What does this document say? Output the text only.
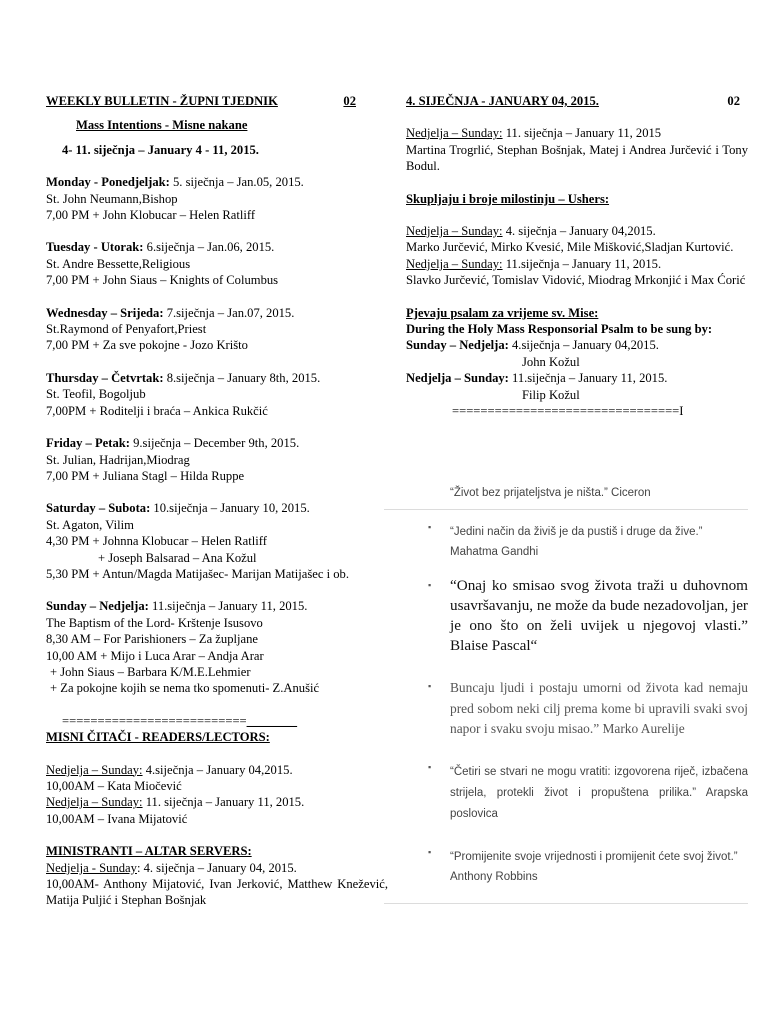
WEEKLY BULLETIN - ŽUPNI TJEDNIK	02

Mass Intentions - Misne nakane

4- 11. siječnja – January 4 - 11, 2015.

Monday - Ponedjeljak: 5. siječnja – Jan.05, 2015.

St. John Neumann,Bishop

7,00 PM + John Klobucar – Helen Ratliff

Tuesday - Utorak: 6.siječnja – Jan.06, 2015.

St. Andre Bessette,Religious

7,00 PM + John Siaus – Knights of Columbus

Wednesday – Srijeda: 7.siječnja – Jan.07, 2015.

St.Raymond of Penyafort,Priest

7,00 PM + Za sve pokojne - Jozo Krišto

Thursday – Četvrtak: 8.siječnja – January 8th, 2015.

St. Teofil, Bogoljub

7,00PM + Roditelji i braća – Ankica Rukčić

Friday – Petak: 9.siječnja – December 9th, 2015.

St. Julian, Hadrijan,Miodrag

7,00 PM + Juliana Stagl – Hilda Ruppe

Saturday – Subota: 10.siječnja – January 10, 2015.

St. Agaton, Vilim

4,30 PM + Johnna Klobucar – Helen Ratliff

+ Joseph Balsarad – Ana Kožul

5,30 PM + Antun/Magda Matijašec- Marijan Matijašec i ob.

Sunday – Nedjelja: 11.siječnja – January 11, 2015.

The Baptism of the Lord- Krštenje Isusovo

8,30 AM – For Parishioners – Za župljane

10,00 AM + Mijo i Luca Arar – Andja Arar

+ John Siaus – Barbara K/M.E.Lehmier

+ Za pokojne kojih se nema tko spomenuti- Z.Anušić

==========================________

MISNI ČITAČI - READERS/LECTORS:

Nedjelja – Sunday: 4.siječnja – January 04,2015.

10,00AM – Kata Miočević

Nedjelja – Sunday: 11. siječnja – January 11, 2015.

10,00AM – Ivana Mijatović

MINISTRANTI – ALTAR SERVERS:

Nedjelja - Sunday: 4. siječnja – January 04, 2015.

10,00AM- Anthony Mijatović, Ivan Jerković, Matthew Knežević, Matija Puljić i Stephan Bošnjak

4. SIJEČNJA - JANUARY 04, 2015.	02

Nedjelja – Sunday: 11. siječnja – January 11, 2015

Martina Trogrlić, Stephan Bošnjak, Matej i Andrea Jurčević i Tony Bodul.

Skupljaju i broje milostinju – Ushers:

Nedjelja – Sunday: 4. siječnja – January 04,2015.

Marko Jurčević, Mirko Kvesić, Mile Mišković,Sladjan Kurtović.

Nedjelja – Sunday: 11.siječnja – January 11, 2015.

Slavko Jurčević, Tomislav Vidović, Miodrag Mrkonjić i Max Ćorić

Pjevaju psalam za vrijeme sv. Mise:

During the Holy Mass Responsorial Psalm to be sung by:

Sunday – Nedjelja: 4.siječnja – January 04,2015.

John Kožul

Nedjelja – Sunday: 11.siječnja – January 11, 2015.

Filip Kožul

================================I

“Život bez prijateljstva je ništa.” Ciceron

▪ “Jedini način da živiš je da pustiš i druge da žive.” Mahatma Gandhi

▪ “Onaj ko smisao svog života traži u duhovnom usavršavanju, ne može da bude nezadovoljan, jer je ono što on želi uvijek u njegovoj vlasti.” Blaise Pascal“

▪ Buncaju ljudi i postaju umorni od života kad nemaju pred sobom neki cilj prema kome bi upravili svaki svoj napor i svaku svoju misao.” Marko Aurelije

▪ “Četiri se stvari ne mogu vratiti: izgovorena riječ, izbačena strijela, protekli život i propuštena prilika.” Arapska poslovica

▪ “Promijenite svoje vrijednosti i promijenit ćete svoj život.” Anthony Robbins
